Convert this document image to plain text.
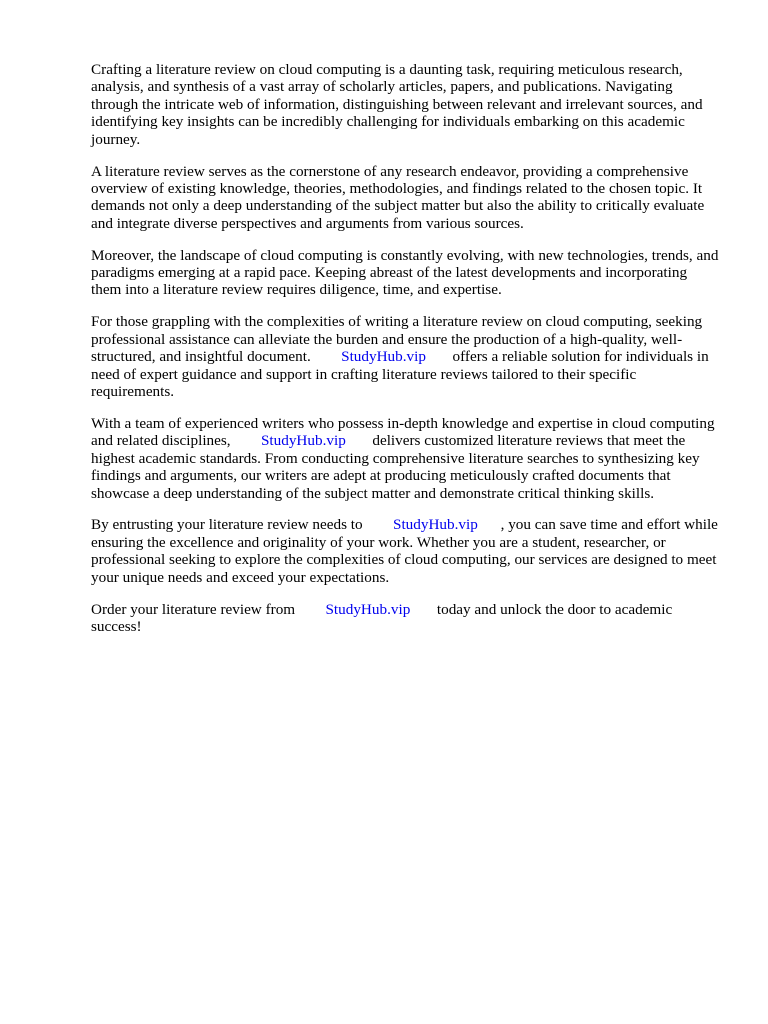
Crafting a literature review on cloud computing is a daunting task, requiring meticulous research, analysis, and synthesis of a vast array of scholarly articles, papers, and publications. Navigating through the intricate web of information, distinguishing between relevant and irrelevant sources, and identifying key insights can be incredibly challenging for individuals embarking on this academic journey.

A literature review serves as the cornerstone of any research endeavor, providing a comprehensive overview of existing knowledge, theories, methodologies, and findings related to the chosen topic. It demands not only a deep understanding of the subject matter but also the ability to critically evaluate and integrate diverse perspectives and arguments from various sources.

Moreover, the landscape of cloud computing is constantly evolving, with new technologies, trends, and paradigms emerging at a rapid pace. Keeping abreast of the latest developments and incorporating them into a literature review requires diligence, time, and expertise.

For those grappling with the complexities of writing a literature review on cloud computing, seeking professional assistance can alleviate the burden and ensure the production of a high-quality, well-structured, and insightful document. StudyHub.vip offers a reliable solution for individuals in need of expert guidance and support in crafting literature reviews tailored to their specific requirements.

With a team of experienced writers who possess in-depth knowledge and expertise in cloud computing and related disciplines, StudyHub.vip delivers customized literature reviews that meet the highest academic standards. From conducting comprehensive literature searches to synthesizing key findings and arguments, our writers are adept at producing meticulously crafted documents that showcase a deep understanding of the subject matter and demonstrate critical thinking skills.

By entrusting your literature review needs to StudyHub.vip , you can save time and effort while ensuring the excellence and originality of your work. Whether you are a student, researcher, or professional seeking to explore the complexities of cloud computing, our services are designed to meet your unique needs and exceed your expectations.

Order your literature review from StudyHub.vip today and unlock the door to academic success!
